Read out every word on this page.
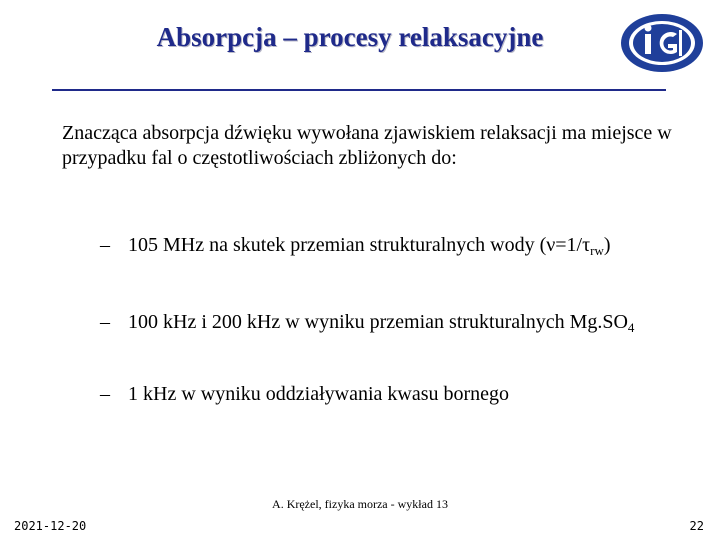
Absorpcja – procesy relaksacyjne
Znacząca absorpcja dźwięku wywołana zjawiskiem relaksacji ma miejsce w przypadku fal o częstotliwościach zbliżonych do:
– 105 MHz na skutek przemian strukturalnych wody $(\nu=1/\tau_{rw})$
– 100 kHz i 200 kHz w wyniku przemian strukturalnych $Mg.SO_4$
– 1 kHz w wyniku oddziaływania kwasu bornego
A. Krężel, fizyka morza - wykład 13
2021-12-20	22
